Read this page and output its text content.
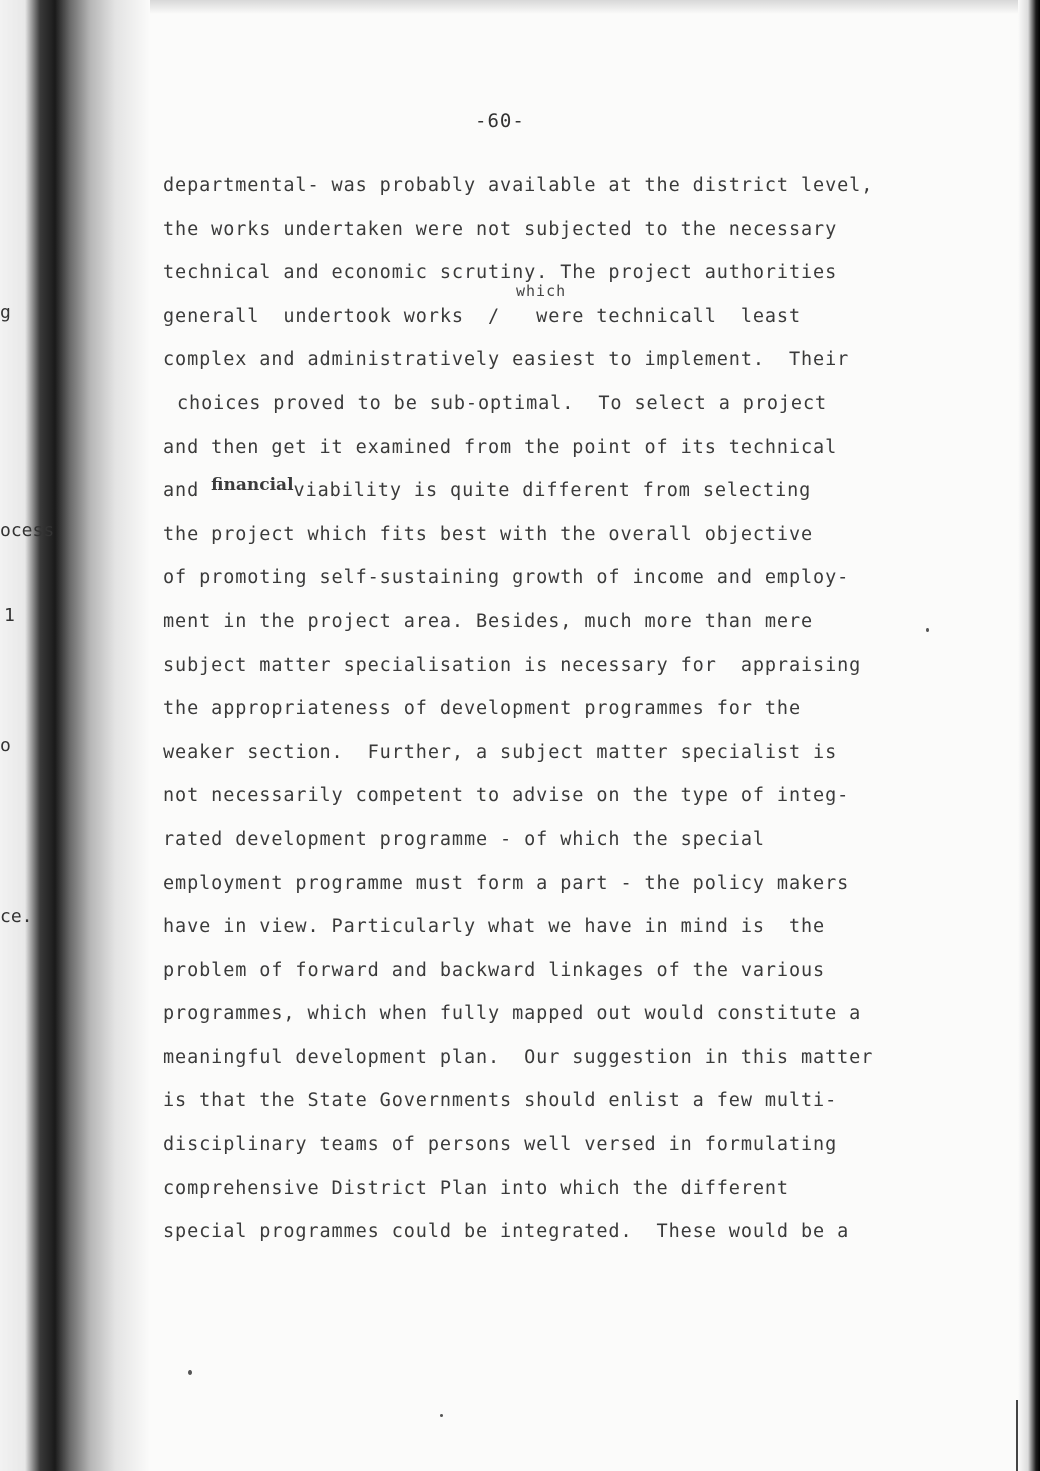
g
ocess
1
o
ce.
-60-
which
departmental- was probably available at the district level,
the works undertaken were not subjected to the necessary
technical and economic scrutiny. The project authorities
generall  undertook works  /   were technicall  least
complex and administratively easiest to implement.  Their
choices proved to be sub-optimal.  To select a project
and then get it examined from the point of its technical
and financialviability is quite different from selecting
the project which fits best with the overall objective
of promoting self-sustaining growth of income and employ-
ment in the project area. Besides, much more than mere
subject matter specialisation is necessary for  appraising
the appropriateness of development programmes for the
weaker section.  Further, a subject matter specialist is
not necessarily competent to advise on the type of integ-
rated development programme - of which the special
employment programme must form a part - the policy makers
have in view. Particularly what we have in mind is  the
problem of forward and backward linkages of the various
programmes, which when fully mapped out would constitute a
meaningful development plan.  Our suggestion in this matter
is that the State Governments should enlist a few multi-
disciplinary teams of persons well versed in formulating
comprehensive District Plan into which the different
special programmes could be integrated.  These would be a
